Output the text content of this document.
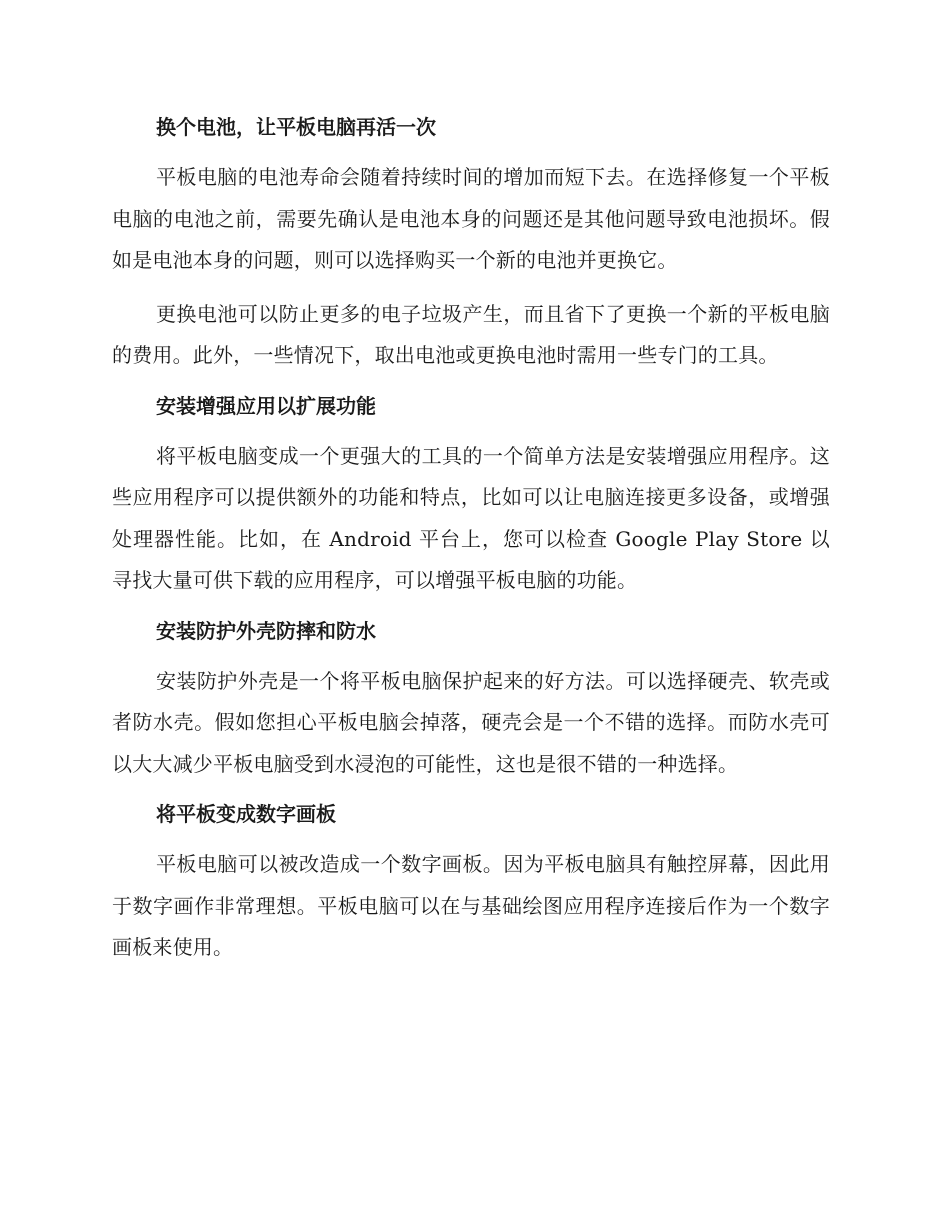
换个电池，让平板电脑再活一次

平板电脑的电池寿命会随着持续时间的增加而短下去。在选择修复一个平板电脑的电池之前，需要先确认是电池本身的问题还是其他问题导致电池损坏。假如是电池本身的问题，则可以选择购买一个新的电池并更换它。

更换电池可以防止更多的电子垃圾产生，而且省下了更换一个新的平板电脑的费用。此外，一些情况下，取出电池或更换电池时需用一些专门的工具。

安装增强应用以扩展功能

将平板电脑变成一个更强大的工具的一个简单方法是安装增强应用程序。这些应用程序可以提供额外的功能和特点，比如可以让电脑连接更多设备，或增强处理器性能。比如，在 Android 平台上，您可以检查 Google Play Store 以寻找大量可供下载的应用程序，可以增强平板电脑的功能。

安装防护外壳防摔和防水

安装防护外壳是一个将平板电脑保护起来的好方法。可以选择硬壳、软壳或者防水壳。假如您担心平板电脑会掉落，硬壳会是一个不错的选择。而防水壳可以大大减少平板电脑受到水浸泡的可能性，这也是很不错的一种选择。

将平板变成数字画板

平板电脑可以被改造成一个数字画板。因为平板电脑具有触控屏幕，因此用于数字画作非常理想。平板电脑可以在与基础绘图应用程序连接后作为一个数字画板来使用。
